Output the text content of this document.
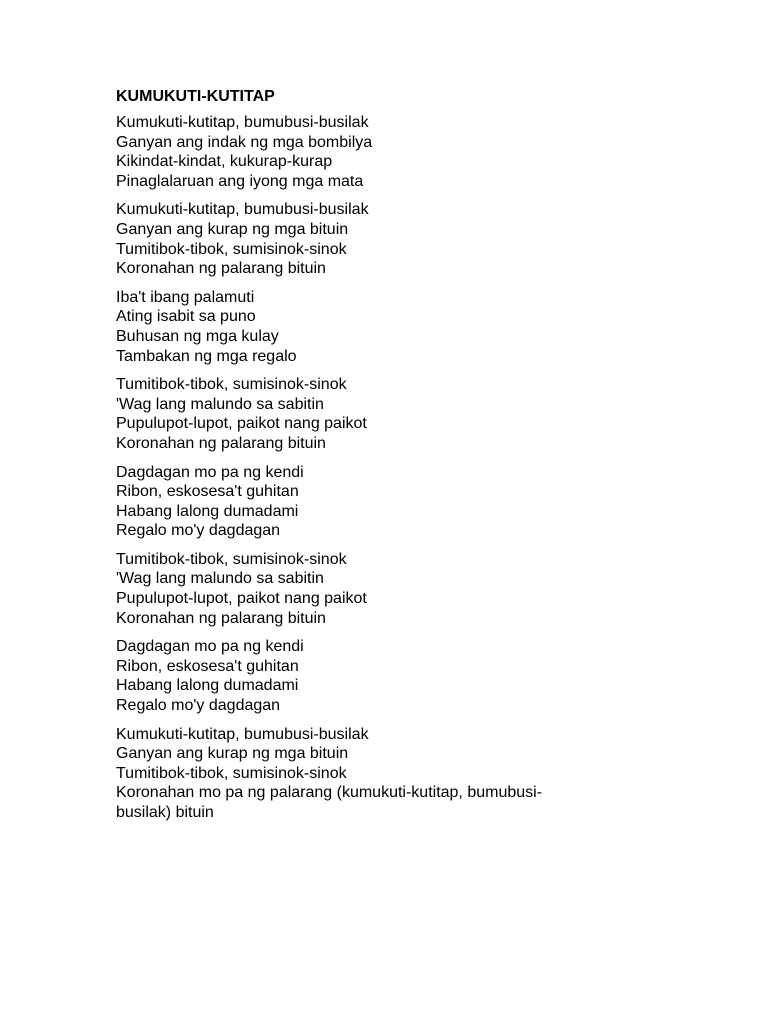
KUMUKUTI-KUTITAP
Kumukuti-kutitap, bumubusi-busilak
Ganyan ang indak ng mga bombilya
Kikindat-kindat, kukurap-kurap
Pinaglalaruan ang iyong mga mata
Kumukuti-kutitap, bumubusi-busilak
Ganyan ang kurap ng mga bituin
Tumitibok-tibok, sumisinok-sinok
Koronahan ng palarang bituin
Iba't ibang palamuti
Ating isabit sa puno
Buhusan ng mga kulay
Tambakan ng mga regalo
Tumitibok-tibok, sumisinok-sinok
'Wag lang malundo sa sabitin
Pupulupot-lupot, paikot nang paikot
Koronahan ng palarang bituin
Dagdagan mo pa ng kendi
Ribon, eskosesa't guhitan
Habang lalong dumadami
Regalo mo'y dagdagan
Tumitibok-tibok, sumisinok-sinok
'Wag lang malundo sa sabitin
Pupulupot-lupot, paikot nang paikot
Koronahan ng palarang bituin
Dagdagan mo pa ng kendi
Ribon, eskosesa't guhitan
Habang lalong dumadami
Regalo mo'y dagdagan
Kumukuti-kutitap, bumubusi-busilak
Ganyan ang kurap ng mga bituin
Tumitibok-tibok, sumisinok-sinok
Koronahan mo pa ng palarang (kumukuti-kutitap, bumubusi-
busilak) bituin
